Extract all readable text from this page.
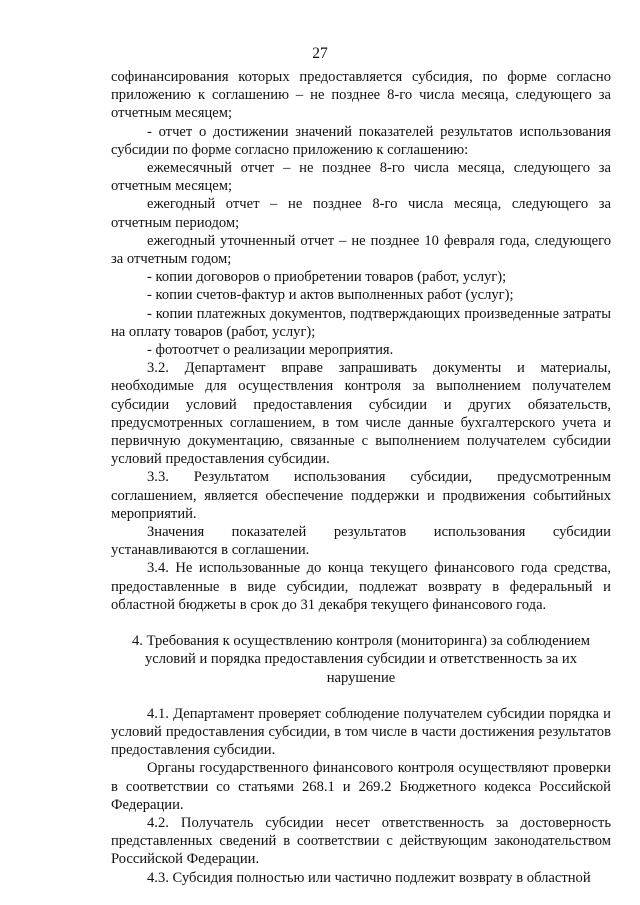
27

софинансирования которых предоставляется субсидия, по форме согласно приложению к соглашению – не позднее 8-го числа месяца, следующего за отчетным месяцем;

- отчет о достижении значений показателей результатов использования субсидии по форме согласно приложению к соглашению:

ежемесячный отчет – не позднее 8-го числа месяца, следующего за отчетным месяцем;

ежегодный отчет – не позднее 8-го числа месяца, следующего за отчетным периодом;

ежегодный уточненный отчет – не позднее 10 февраля года, следующего за отчетным годом;

- копии договоров о приобретении товаров (работ, услуг);

- копии счетов-фактур и актов выполненных работ (услуг);

- копии платежных документов, подтверждающих произведенные затраты на оплату товаров (работ, услуг);

- фотоотчет о реализации мероприятия.

3.2. Департамент вправе запрашивать документы и материалы, необходимые для осуществления контроля за выполнением получателем субсидии условий предоставления субсидии и других обязательств, предусмотренных соглашением, в том числе данные бухгалтерского учета и первичную документацию, связанные с выполнением получателем субсидии условий предоставления субсидии.

3.3. Результатом использования субсидии, предусмотренным соглашением, является обеспечение поддержки и продвижения событийных мероприятий.

Значения показателей результатов использования субсидии устанавливаются в соглашении.

3.4. Не использованные до конца текущего финансового года средства, предоставленные в виде субсидии, подлежат возврату в федеральный и областной бюджеты в срок до 31 декабря текущего финансового года.

4. Требования к осуществлению контроля (мониторинга) за соблюдением

условий и порядка предоставления субсидии и ответственность за их

нарушение

4.1. Департамент проверяет соблюдение получателем субсидии порядка и условий предоставления субсидии, в том числе в части достижения результатов предоставления субсидии.

Органы государственного финансового контроля осуществляют проверки в соответствии со статьями 268.1 и 269.2 Бюджетного кодекса Российской Федерации.

4.2. Получатель субсидии несет ответственность за достоверность представленных сведений в соответствии с действующим законодательством Российской Федерации.

4.3. Субсидия полностью или частично подлежит возврату в областной
